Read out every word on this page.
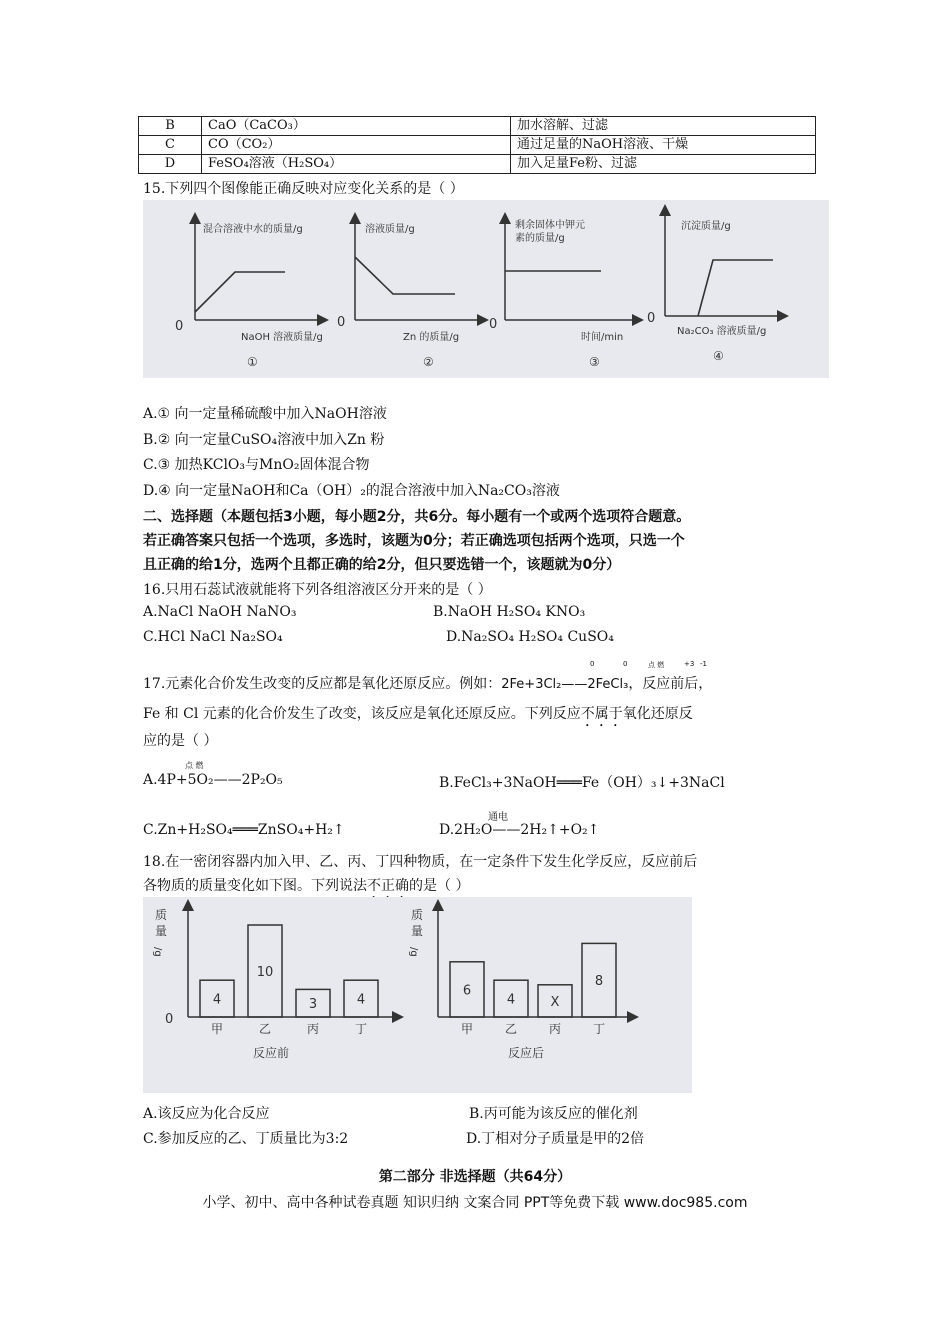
B	CaO（CaCO₃）	加水溶解、过滤
C	CO（CO₂）	通过足量的NaOH溶液、干燥
D	FeSO₄溶液（H₂SO₄）	加入足量Fe粉、过滤
15.下列四个图像能正确反映对应变化关系的是（ ）
混合溶液中水的质量/g
NaOH 溶液质量/g
0
①
溶液质量/g
Zn 的质量/g
0
②
剩余固体中钾元
素的质量/g
时间/min
0
③
沉淀质量/g
Na₂CO₃ 溶液质量/g
0
④
A.① 向一定量稀硫酸中加入NaOH溶液
B.② 向一定量CuSO₄溶液中加入Zn 粉
C.③ 加热KClO₃与MnO₂固体混合物
D.④ 向一定量NaOH和Ca（OH）₂的混合溶液中加入Na₂CO₃溶液
二、选择题（本题包括3小题，每小题2分，共6分。每小题有一个或两个选项符合题意。
若正确答案只包括一个选项，多选时，该题为0分；若正确选项包括两个选项，只选一个
且正确的给1分，选两个且都正确的给2分，但只要选错一个，该题就为0分）
16.只用石蕊试液就能将下列各组溶液区分开来的是（ ）
A.NaCl NaOH NaNO₃	B.NaOH H₂SO₄ KNO₃
C.HCl NaCl Na₂SO₄	D.Na₂SO₄ H₂SO₄ CuSO₄
0	0	点 燃	+3 -1
17.元素化合价发生改变的反应都是氧化还原反应。例如：2Fe+3Cl₂——2FeCl₃，反应前后，
Fe 和 Cl 元素的化合价发生了改变，该反应是氧化还原反应。下列反应不属于氧化还原反
应的是（ ）
点 燃
A.4P+5O₂——2P₂O₅	B.FeCl₃+3NaOH═══Fe（OH）₃↓+3NaCl
通电
C.Zn+H₂SO₄═══ZnSO₄+H₂↑	D.2H₂O——2H₂↑+O₂↑
18.在一密闭容器内加入甲、乙、丙、丁四种物质，在一定条件下发生化学反应，反应前后
各物质的质量变化如下图。下列说法不正确的是（ ）
质
量
/g
0
4
甲
10
乙
3
丙
4
丁
反应前
质
量
/g
6
甲
4
乙
X
丙
8
丁
反应后
A.该反应为化合反应	B.丙可能为该反应的催化剂
C.参加反应的乙、丁质量比为3:2	D.丁相对分子质量是甲的2倍
第二部分 非选择题（共64分）
小学、初中、高中各种试卷真题 知识归纳 文案合同 PPT等免费下载 www.doc985.com
